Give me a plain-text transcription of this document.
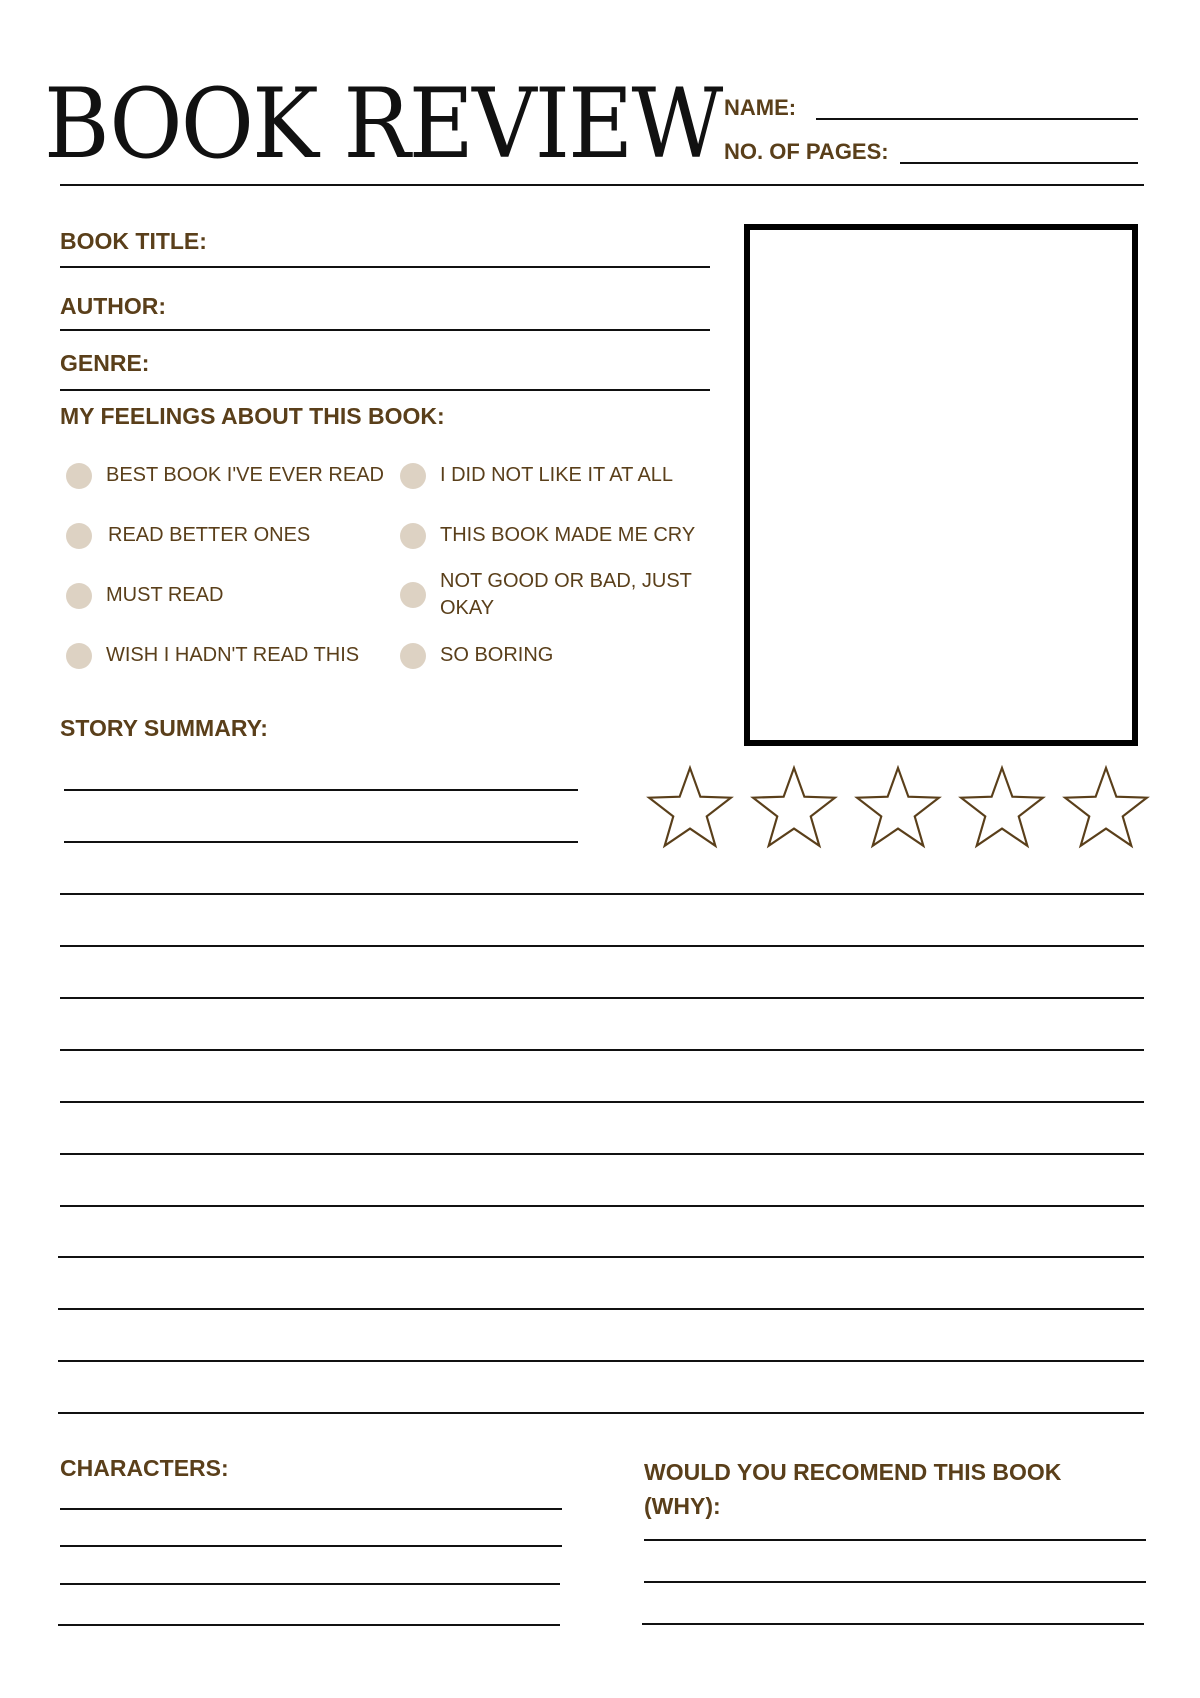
BOOK REVIEW NAME:
NO. OF PAGES:
BOOK TITLE:
AUTHOR:
GENRE:
MY FEELINGS ABOUT THIS BOOK:
BEST BOOK I'VE EVER READ
READ BETTER ONES
MUST READ
WISH I HADN'T READ THIS
I DID NOT LIKE IT AT ALL
THIS BOOK MADE ME CRY
NOT GOOD OR BAD, JUST OKAY
SO BORING
STORY SUMMARY:
CHARACTERS:	WOULD YOU RECOMEND THIS BOOK
(WHY):
